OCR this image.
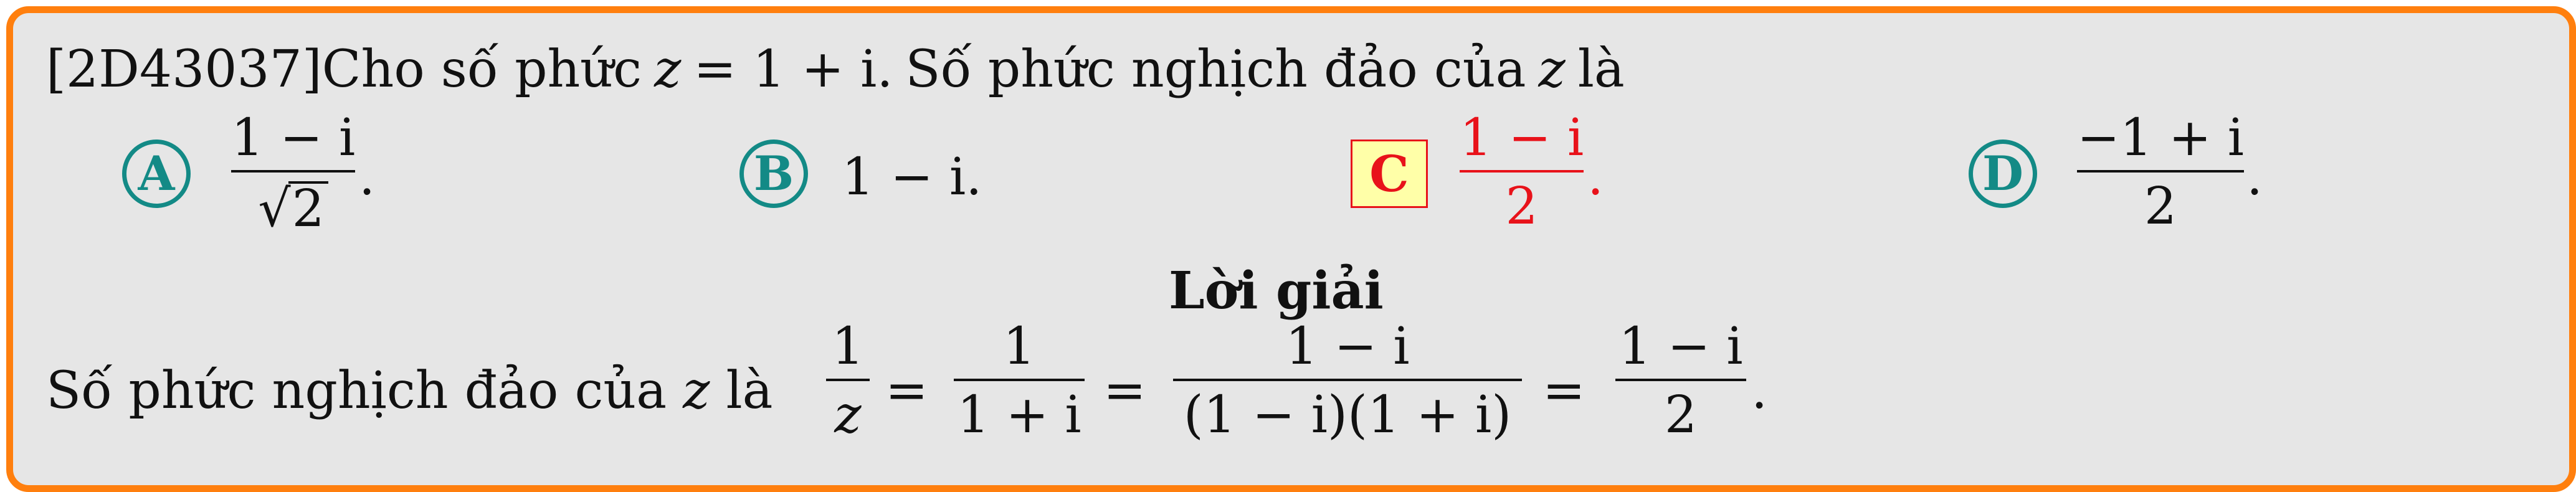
[2D43037]Cho số phức z = 1 + i. Số phức nghịch đảo của z là
A
1 − i
√2
.	B 1 − i.	C
1 − i
2 .	D
−1 + i
2	.
Lời giải
Số phức nghịch đảo của z là
1
z =
1
1 + i =
1 − i
(1 − i)(1 + i) =
1 − i
2	.
